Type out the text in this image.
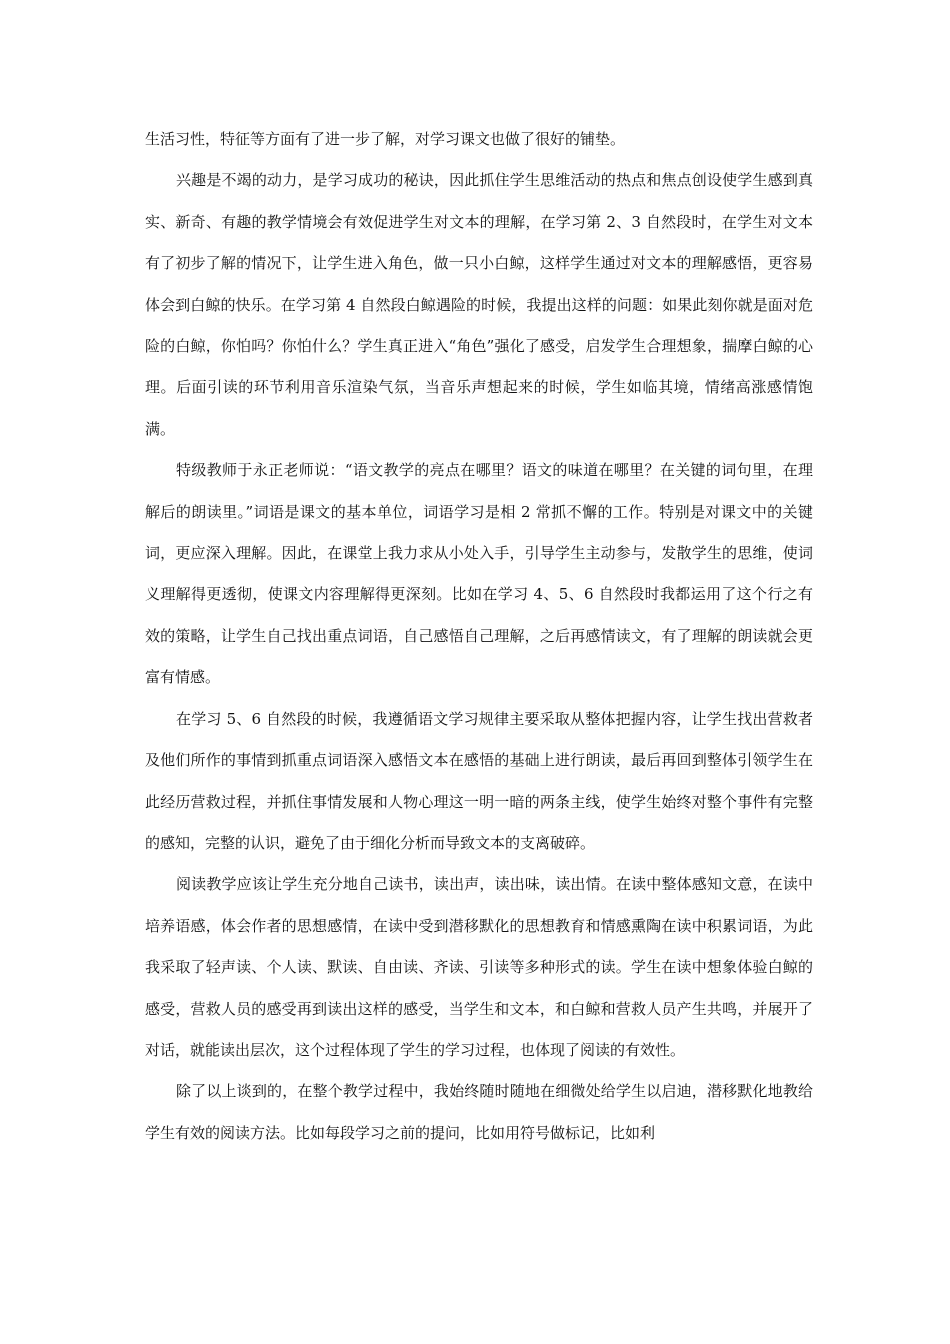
生活习性，特征等方面有了进一步了解，对学习课文也做了很好的铺垫。

兴趣是不竭的动力，是学习成功的秘诀，因此抓住学生思维活动的热点和焦点创设使学生感到真实、新奇、有趣的教学情境会有效促进学生对文本的理解，在学习第 2、3 自然段时，在学生对文本有了初步了解的情况下，让学生进入角色，做一只小白鲸，这样学生通过对文本的理解感悟，更容易体会到白鲸的快乐。在学习第 4 自然段白鲸遇险的时候，我提出这样的问题：如果此刻你就是面对危险的白鲸，你怕吗？你怕什么？学生真正进入“角色”强化了感受，启发学生合理想象，揣摩白鲸的心理。后面引读的环节利用音乐渲染气氛，当音乐声想起来的时候，学生如临其境，情绪高涨感情饱满。

特级教师于永正老师说：“语文教学的亮点在哪里？语文的味道在哪里？在关键的词句里，在理解后的朗读里。”词语是课文的基本单位，词语学习是相 2 常抓不懈的工作。特别是对课文中的关键词，更应深入理解。因此，在课堂上我力求从小处入手，引导学生主动参与，发散学生的思维，使词义理解得更透彻，使课文内容理解得更深刻。比如在学习 4、5、6 自然段时我都运用了这个行之有效的策略，让学生自己找出重点词语，自己感悟自己理解，之后再感情读文，有了理解的朗读就会更富有情感。

在学习 5、6 自然段的时候，我遵循语文学习规律主要采取从整体把握内容，让学生找出营救者及他们所作的事情到抓重点词语深入感悟文本在感悟的基础上进行朗读，最后再回到整体引领学生在此经历营救过程，并抓住事情发展和人物心理这一明一暗的两条主线，使学生始终对整个事件有完整的感知，完整的认识，避免了由于细化分析而导致文本的支离破碎。

阅读教学应该让学生充分地自己读书，读出声，读出味，读出情。在读中整体感知文意，在读中培养语感，体会作者的思想感情，在读中受到潜移默化的思想教育和情感熏陶在读中积累词语，为此我采取了轻声读、个人读、默读、自由读、齐读、引读等多种形式的读。学生在读中想象体验白鲸的感受，营救人员的感受再到读出这样的感受，当学生和文本，和白鲸和营救人员产生共鸣，并展开了对话，就能读出层次，这个过程体现了学生的学习过程，也体现了阅读的有效性。

除了以上谈到的，在整个教学过程中，我始终随时随地在细微处给学生以启迪，潜移默化地教给学生有效的阅读方法。比如每段学习之前的提问，比如用符号做标记，比如利
